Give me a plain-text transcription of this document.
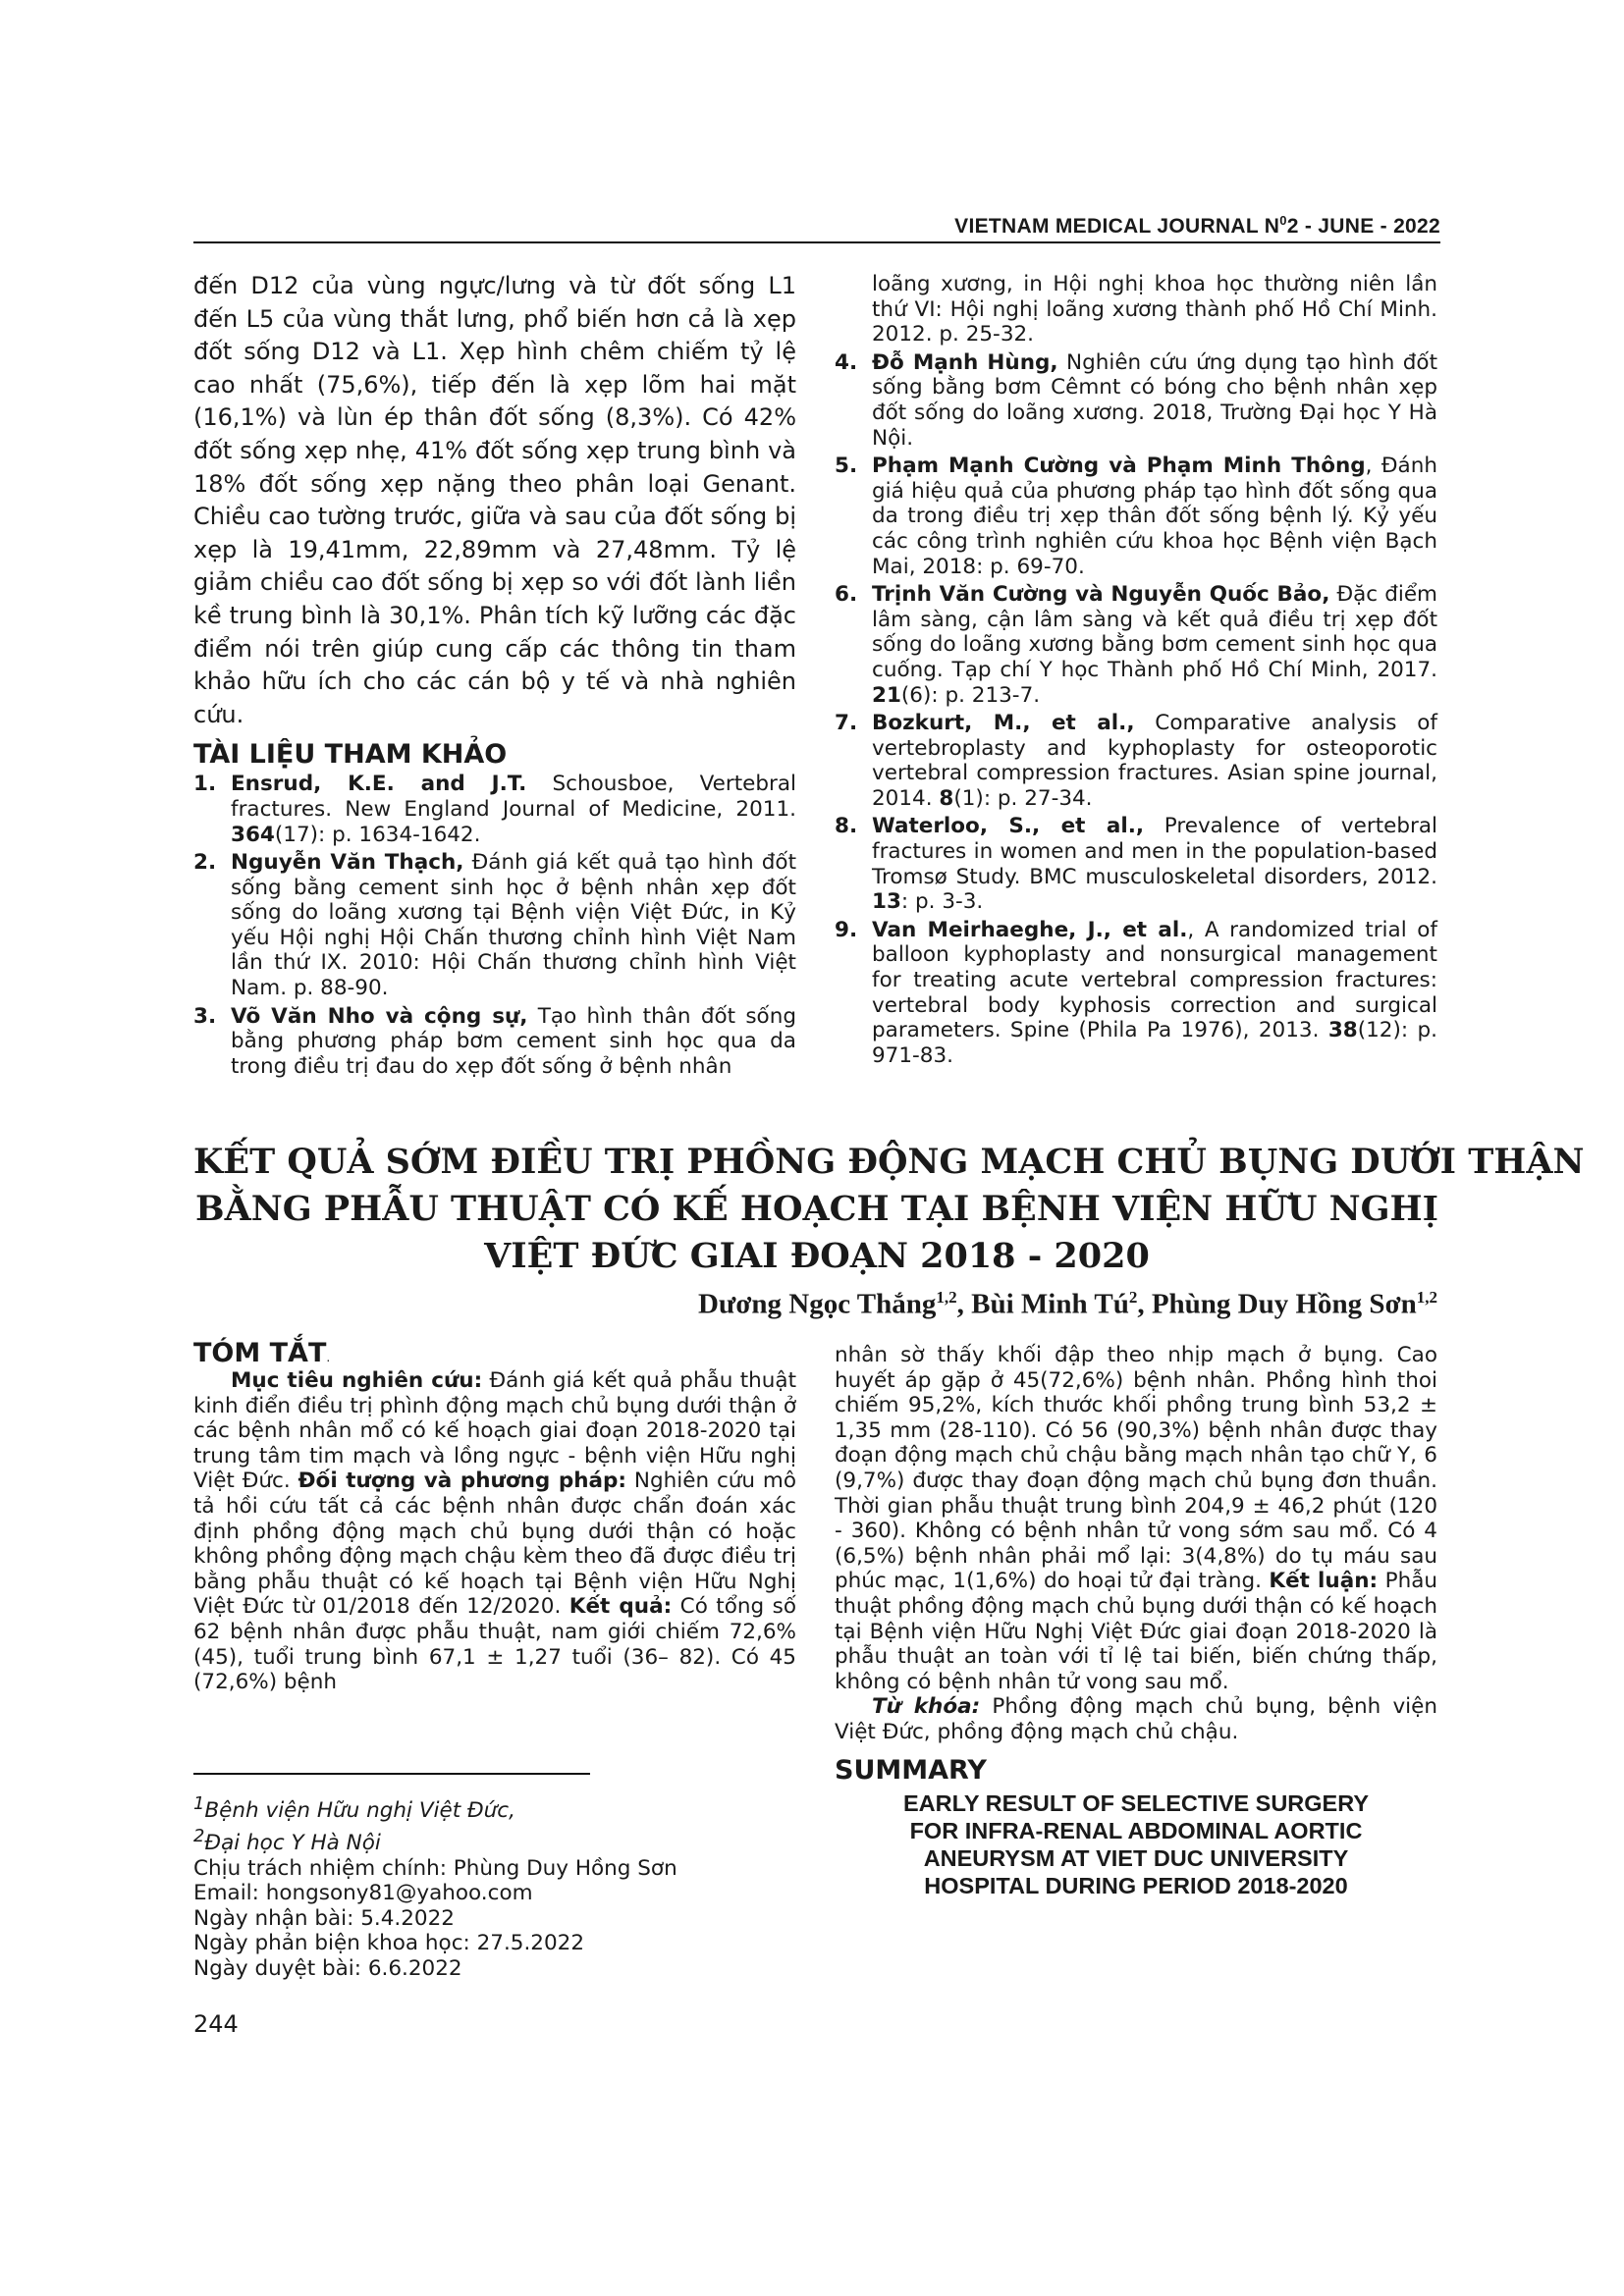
VIETNAM MEDICAL JOURNAL $N^02$ - JUNE - 2022

đến D12 của vùng ngực/lưng và từ đốt sống L1 đến L5 của vùng thắt lưng, phổ biến hơn cả là xẹp đốt sống D12 và L1. Xẹp hình chêm chiếm tỷ lệ cao nhất (75,6%), tiếp đến là xẹp lõm hai mặt (16,1%) và lùn ép thân đốt sống (8,3%). Có 42% đốt sống xẹp nhẹ, 41% đốt sống xẹp trung bình và 18% đốt sống xẹp nặng theo phân loại Genant. Chiều cao tường trước, giữa và sau của đốt sống bị xẹp là 19,41mm, 22,89mm và 27,48mm. Tỷ lệ giảm chiều cao đốt sống bị xẹp so với đốt lành liền kề trung bình là 30,1%. Phân tích kỹ lưỡng các đặc điểm nói trên giúp cung cấp các thông tin tham khảo hữu ích cho các cán bộ y tế và nhà nghiên cứu.

TÀI LIỆU THAM KHẢO
1. Ensrud, K.E. and J.T. Schousboe, Vertebral fractures. New England Journal of Medicine, 2011. 364(17): p. 1634-1642.
2. Nguyễn Văn Thạch, Đánh giá kết quả tạo hình đốt sống bằng cement sinh học ở bệnh nhân xẹp đốt sống do loãng xương tại Bệnh viện Việt Đức, in Kỷ yếu Hội nghị Hội Chấn thương chỉnh hình Việt Nam lần thứ IX. 2010: Hội Chấn thương chỉnh hình Việt Nam. p. 88-90.
3. Võ Văn Nho và cộng sự, Tạo hình thân đốt sống bằng phương pháp bơm cement sinh học qua da trong điều trị đau do xẹp đốt sống ở bệnh nhân
loãng xương, in Hội nghị khoa học thường niên lần thứ VI: Hội nghị loãng xương thành phố Hồ Chí Minh. 2012. p. 25-32.
4. Đỗ Mạnh Hùng, Nghiên cứu ứng dụng tạo hình đốt sống bằng bơm Cêmnt có bóng cho bệnh nhân xẹp đốt sống do loãng xương. 2018, Trường Đại học Y Hà Nội.
5. Phạm Mạnh Cường và Phạm Minh Thông, Đánh giá hiệu quả của phương pháp tạo hình đốt sống qua da trong điều trị xẹp thân đốt sống bệnh lý. Kỷ yếu các công trình nghiên cứu khoa học Bệnh viện Bạch Mai, 2018: p. 69-70.
6. Trịnh Văn Cường và Nguyễn Quốc Bảo, Đặc điểm lâm sàng, cận lâm sàng và kết quả điều trị xẹp đốt sống do loãng xương bằng bơm cement sinh học qua cuống. Tạp chí Y học Thành phố Hồ Chí Minh, 2017. 21(6): p. 213-7.
7. Bozkurt, M., et al., Comparative analysis of vertebroplasty and kyphoplasty for osteoporotic vertebral compression fractures. Asian spine journal, 2014. 8(1): p. 27-34.
8. Waterloo, S., et al., Prevalence of vertebral fractures in women and men in the population-based Tromsø Study. BMC musculoskeletal disorders, 2012. 13: p. 3-3.
9. Van Meirhaeghe, J., et al., A randomized trial of balloon kyphoplasty and nonsurgical management for treating acute vertebral compression fractures: vertebral body kyphosis correction and surgical parameters. Spine (Phila Pa 1976), 2013. 38(12): p. 971-83.
KẾT QUẢ SỚM ĐIỀU TRỊ PHỒNG ĐỘNG MẠCH CHỦ BỤNG DƯỚI THẬN
BẰNG PHẪU THUẬT CÓ KẾ HOẠCH TẠI BỆNH VIỆN HỮU NGHỊ
VIỆT ĐỨC GIAI ĐOẠN 2018 - 2020
Dương Ngọc Thắng$^{1,2}$, Bùi Minh $Tú^2$, Phùng Duy Hồng Sơn$^{1,2}$
TÓM TẮT.

Mục tiêu nghiên cứu: Đánh giá kết quả phẫu thuật kinh điển điều trị phình động mạch chủ bụng dưới thận ở các bệnh nhân mổ có kế hoạch giai đoạn 2018-2020 tại trung tâm tim mạch và lồng ngực - bệnh viện Hữu nghị Việt Đức. Đối tượng và phương pháp: Nghiên cứu mô tả hồi cứu tất cả các bệnh nhân được chẩn đoán xác định phồng động mạch chủ bụng dưới thận có hoặc không phồng động mạch chậu kèm theo đã được điều trị bằng phẫu thuật có kế hoạch tại Bệnh viện Hữu Nghị Việt Đức từ 01/2018 đến 12/2020. Kết quả: Có tổng số 62 bệnh nhân được phẫu thuật, nam giới chiếm 72,6% (45), tuổi trung bình 67,1 ± 1,27 tuổi (36– 82). Có 45 (72,6%) bệnh

$^1$Bệnh viện Hữu nghị Việt Đức,
$^2$Đại học Y Hà Nội
Chịu trách nhiệm chính: Phùng Duy Hồng Sơn
Email: hongsony81@yahoo.com
Ngày nhận bài: 5.4.2022
Ngày phản biện khoa học: 27.5.2022
Ngày duyệt bài: 6.6.2022
244

nhân sờ thấy khối đập theo nhịp mạch ở bụng. Cao huyết áp gặp ở 45(72,6%) bệnh nhân. Phồng hình thoi chiếm 95,2%, kích thước khối phồng trung bình 53,2 ± 1,35 mm (28-110). Có 56 (90,3%) bệnh nhân được thay đoạn động mạch chủ chậu bằng mạch nhân tạo chữ Y, 6 (9,7%) được thay đoạn động mạch chủ bụng đơn thuần. Thời gian phẫu thuật trung bình 204,9 ± 46,2 phút (120 - 360). Không có bệnh nhân tử vong sớm sau mổ. Có 4 (6,5%) bệnh nhân phải mổ lại: 3(4,8%) do tụ máu sau phúc mạc, 1(1,6%) do hoại tử đại tràng. Kết luận: Phẫu thuật phồng động mạch chủ bụng dưới thận có kế hoạch tại Bệnh viện Hữu Nghị Việt Đức giai đoạn 2018-2020 là phẫu thuật an toàn với tỉ lệ tai biến, biến chứng thấp, không có bệnh nhân tử vong sau mổ.

Từ khóa: Phồng động mạch chủ bụng, bệnh viện Việt Đức, phồng động mạch chủ chậu.

SUMMARY
EARLY RESULT OF SELECTIVE SURGERY
FOR INFRA-RENAL ABDOMINAL AORTIC
ANEURYSM AT VIET DUC UNIVERSITY
HOSPITAL DURING PERIOD 2018-2020
